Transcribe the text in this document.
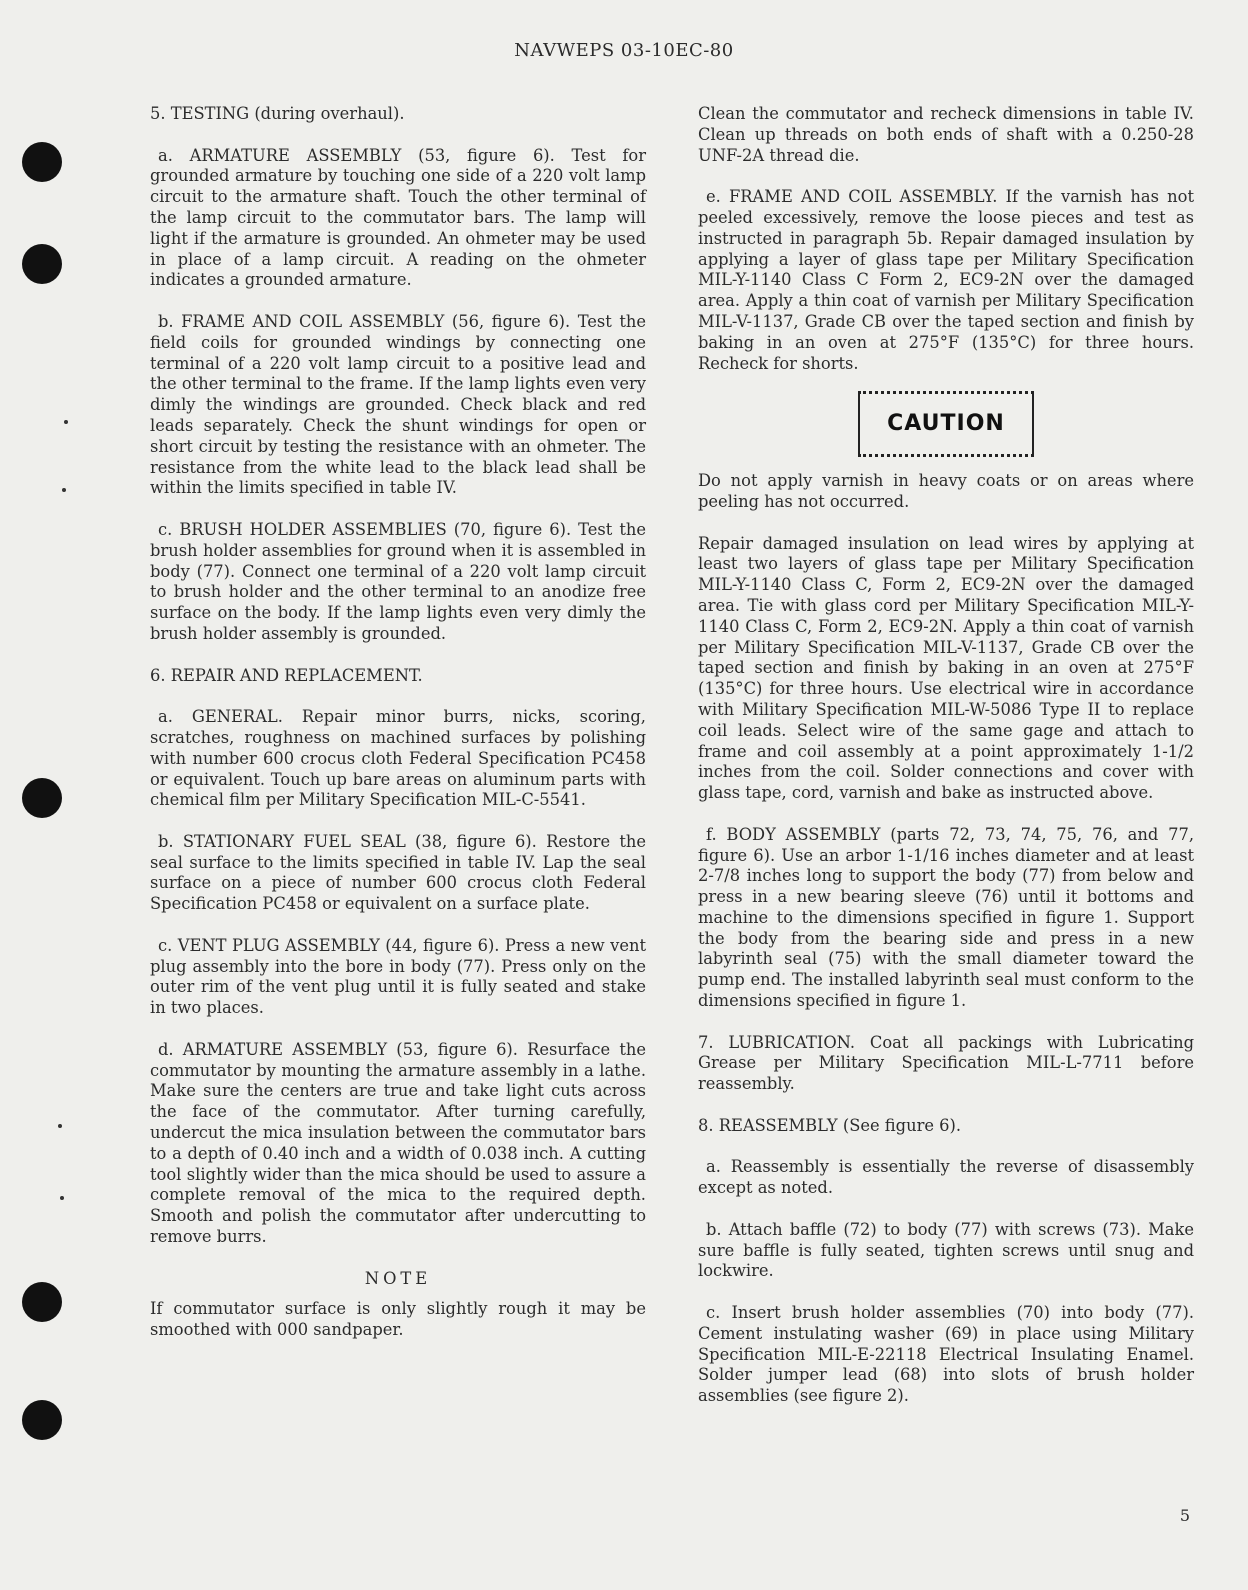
NAVWEPS 03-10EC-80
5. TESTING (during overhaul).

a. ARMATURE ASSEMBLY (53, figure 6). Test for grounded armature by touching one side of a 220 volt lamp circuit to the armature shaft. Touch the other terminal of the lamp circuit to the commutator bars. The lamp will light if the armature is grounded. An ohmeter may be used in place of a lamp circuit. A reading on the ohmeter indicates a grounded armature.

b. FRAME AND COIL ASSEMBLY (56, figure 6). Test the field coils for grounded windings by connecting one terminal of a 220 volt lamp circuit to a positive lead and the other terminal to the frame. If the lamp lights even very dimly the windings are grounded. Check black and red leads separately. Check the shunt windings for open or short circuit by testing the resistance with an ohmeter. The resistance from the white lead to the black lead shall be within the limits specified in table IV.

c. BRUSH HOLDER ASSEMBLIES (70, figure 6). Test the brush holder assemblies for ground when it is assembled in body (77). Connect one terminal of a 220 volt lamp circuit to brush holder and the other terminal to an anodize free surface on the body. If the lamp lights even very dimly the brush holder assembly is grounded.

6. REPAIR AND REPLACEMENT.

a. GENERAL. Repair minor burrs, nicks, scoring, scratches, roughness on machined surfaces by polishing with number 600 crocus cloth Federal Specification PC458 or equivalent. Touch up bare areas on aluminum parts with chemical film per Military Specification MIL-C-5541.

b. STATIONARY FUEL SEAL (38, figure 6). Restore the seal surface to the limits specified in table IV. Lap the seal surface on a piece of number 600 crocus cloth Federal Specification PC458 or equivalent on a surface plate.

c. VENT PLUG ASSEMBLY (44, figure 6). Press a new vent plug assembly into the bore in body (77). Press only on the outer rim of the vent plug until it is fully seated and stake in two places.

d. ARMATURE ASSEMBLY (53, figure 6). Resurface the commutator by mounting the armature assembly in a lathe. Make sure the centers are true and take light cuts across the face of the commutator. After turning carefully, undercut the mica insulation between the commutator bars to a depth of 0.40 inch and a width of 0.038 inch. A cutting tool slightly wider than the mica should be used to assure a complete removal of the mica to the required depth. Smooth and polish the commutator after undercutting to remove burrs.

NOTE

If commutator surface is only slightly rough it may be smoothed with 000 sandpaper.

Clean the commutator and recheck dimensions in table IV. Clean up threads on both ends of shaft with a 0.250-28 UNF-2A thread die.

e. FRAME AND COIL ASSEMBLY. If the varnish has not peeled excessively, remove the loose pieces and test as instructed in paragraph 5b. Repair damaged insulation by applying a layer of glass tape per Military Specification MIL-Y-1140 Class C Form 2, EC9-2N over the damaged area. Apply a thin coat of varnish per Military Specification MIL-V-1137, Grade CB over the taped section and finish by baking in an oven at 275°F (135°C) for three hours. Recheck for shorts.

CAUTION

Do not apply varnish in heavy coats or on areas where peeling has not occurred.

Repair damaged insulation on lead wires by applying at least two layers of glass tape per Military Specification MIL-Y-1140 Class C, Form 2, EC9-2N over the damaged area. Tie with glass cord per Military Specification MIL-Y-1140 Class C, Form 2, EC9-2N. Apply a thin coat of varnish per Military Specification MIL-V-1137, Grade CB over the taped section and finish by baking in an oven at 275°F (135°C) for three hours. Use electrical wire in accordance with Military Specification MIL-W-5086 Type II to replace coil leads. Select wire of the same gage and attach to frame and coil assembly at a point approximately 1-1/2 inches from the coil. Solder connections and cover with glass tape, cord, varnish and bake as instructed above.

f. BODY ASSEMBLY (parts 72, 73, 74, 75, 76, and 77, figure 6). Use an arbor 1-1/16 inches diameter and at least 2-7/8 inches long to support the body (77) from below and press in a new bearing sleeve (76) until it bottoms and machine to the dimensions specified in figure 1. Support the body from the bearing side and press in a new labyrinth seal (75) with the small diameter toward the pump end. The installed labyrinth seal must conform to the dimensions specified in figure 1.

7. LUBRICATION. Coat all packings with Lubricating Grease per Military Specification MIL-L-7711 before reassembly.

8. REASSEMBLY (See figure 6).

a. Reassembly is essentially the reverse of disassembly except as noted.

b. Attach baffle (72) to body (77) with screws (73). Make sure baffle is fully seated, tighten screws until snug and lockwire.

c. Insert brush holder assemblies (70) into body (77). Cement instulating washer (69) in place using Military Specification MIL-E-22118 Electrical Insulating Enamel. Solder jumper lead (68) into slots of brush holder assemblies (see figure 2).

5
